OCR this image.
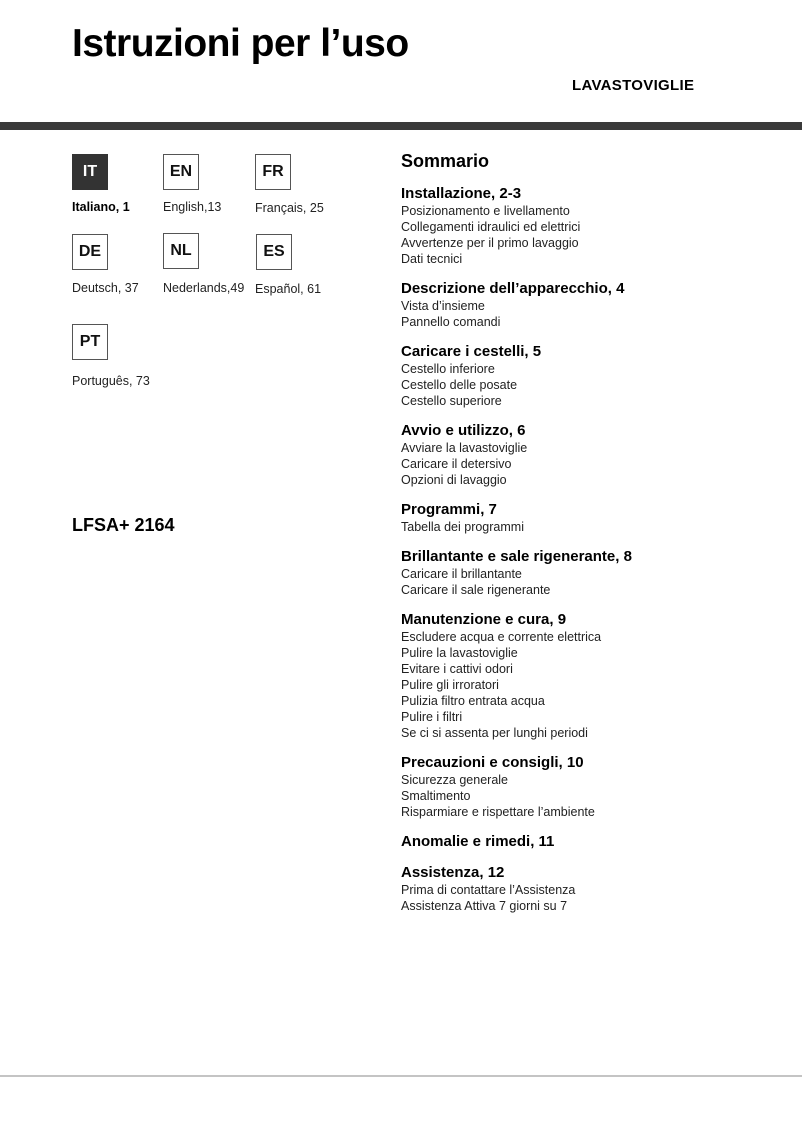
Istruzioni per l’uso
LAVASTOVIGLIE
IT
Italiano, 1
EN
English,13
FR
Français, 25
DE
Deutsch, 37
NL
Nederlands,49
ES
Español, 61
PT
Português, 73
LFSA+ 2164
Sommario
Installazione, 2-3
Posizionamento e livellamento
Collegamenti idraulici ed elettrici
Avvertenze per il primo lavaggio
Dati tecnici
Descrizione dell’apparecchio, 4
Vista d’insieme
Pannello comandi
Caricare i cestelli, 5
Cestello inferiore
Cestello delle posate
Cestello superiore
Avvio e utilizzo, 6
Avviare la lavastoviglie
Caricare il detersivo
Opzioni di lavaggio
Programmi, 7
Tabella dei programmi
Brillantante e sale rigenerante, 8
Caricare il brillantante
Caricare il sale rigenerante
Manutenzione e cura, 9
Escludere acqua e corrente elettrica
Pulire la lavastoviglie
Evitare i cattivi odori
Pulire gli irroratori
Pulizia filtro entrata acqua
Pulire i filtri
Se ci si assenta per lunghi periodi
Precauzioni e consigli, 10
Sicurezza generale
Smaltimento
Risparmiare e rispettare l’ambiente
Anomalie e rimedi, 11
Assistenza, 12
Prima di contattare l’Assistenza
Assistenza Attiva 7 giorni su 7
